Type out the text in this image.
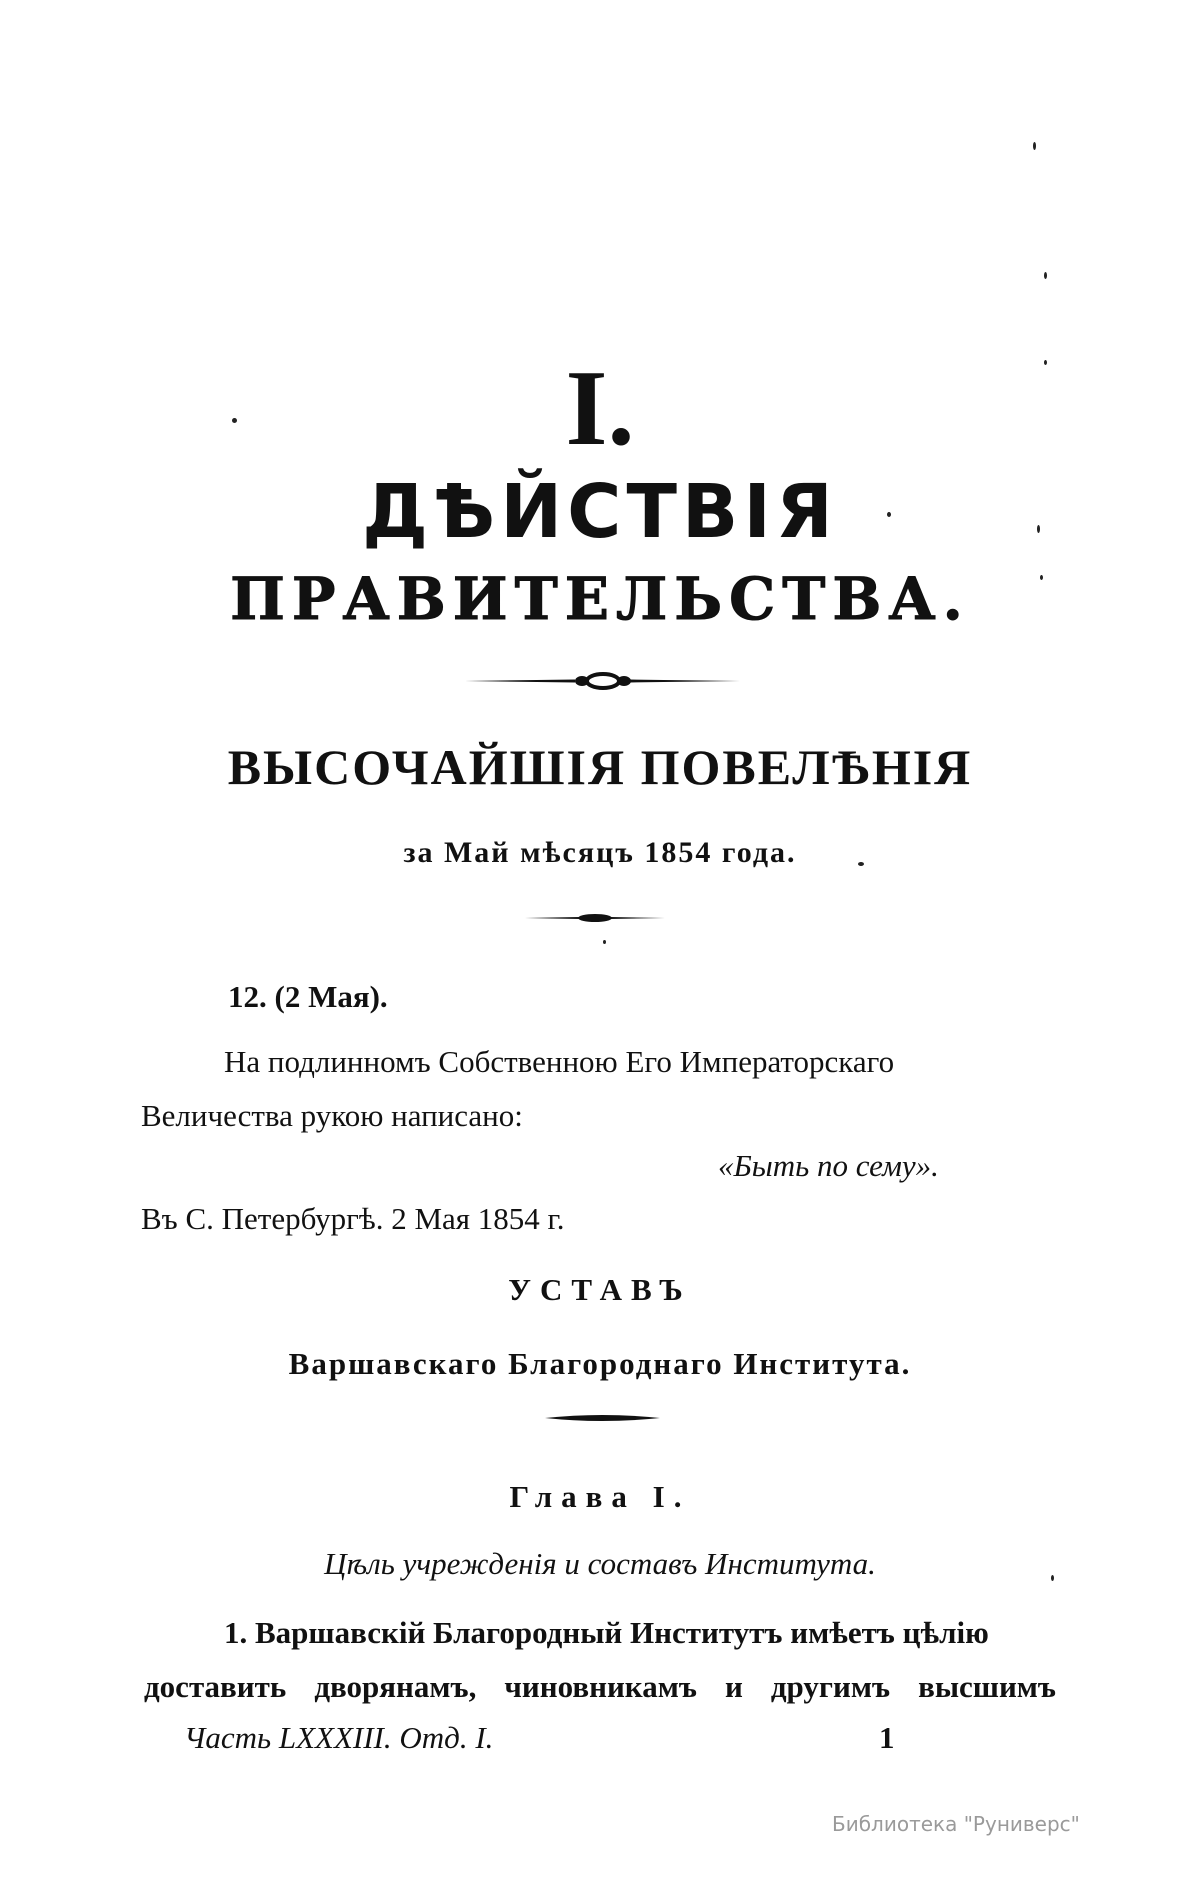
I.
ДѢЙСТВІЯ
ПРАВИТЕЛЬСТВА.
ВЫСОЧАЙШІЯ ПОВЕЛѢНІЯ
за Май мѣсяцъ 1854 года.
12. (2 Мая).
На подлинномъ Собственною Его Императорскаго
Величества рукою написано:
«Быть по сему».
Въ С. Петербургѣ. 2 Мая 1854 г.
УСТАВЪ
Варшавскаго Благороднаго Института.
Глава I.
Цѣль учрежденія и составъ Института.
1. Варшавскій Благородный Институтъ имѣетъ цѣлію
доставить дворянамъ, чиновникамъ и другимъ высшимъ
Часть LXXXIII. Отд. I.	1
Библиотека "Руниверс"
